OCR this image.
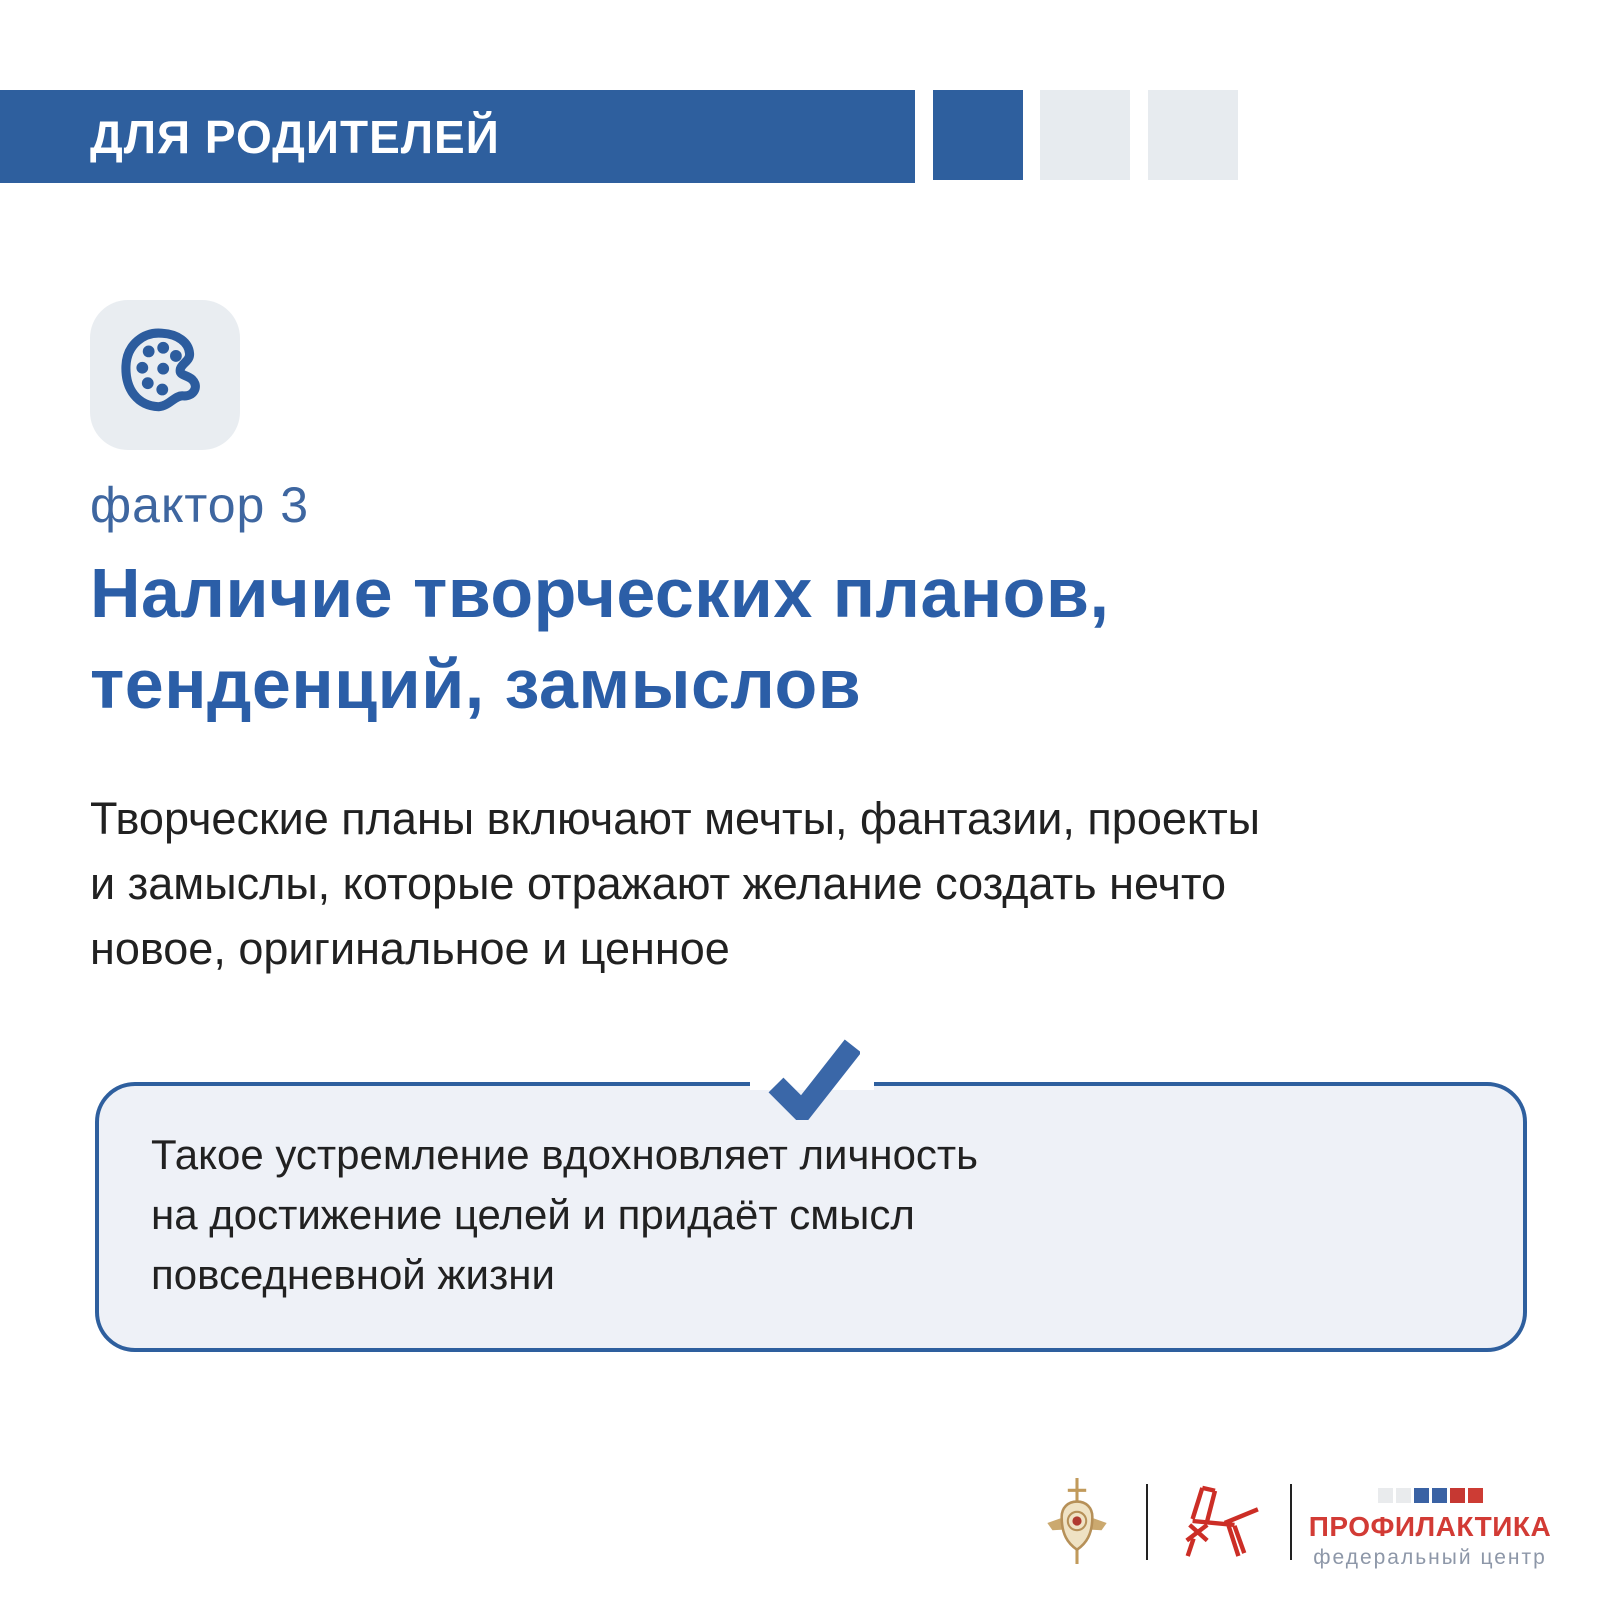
ДЛЯ РОДИТЕЛЕЙ
фактор 3
Наличие творческих планов,
тенденций, замыслов
Творческие планы включают мечты, фантазии, проекты
и замыслы, которые отражают желание создать нечто
новое, оригинальное и ценное
Такое устремление вдохновляет личность
на достижение целей и придаёт смысл
повседневной жизни
ПРОФИЛАКТИКА
федеральный центр
